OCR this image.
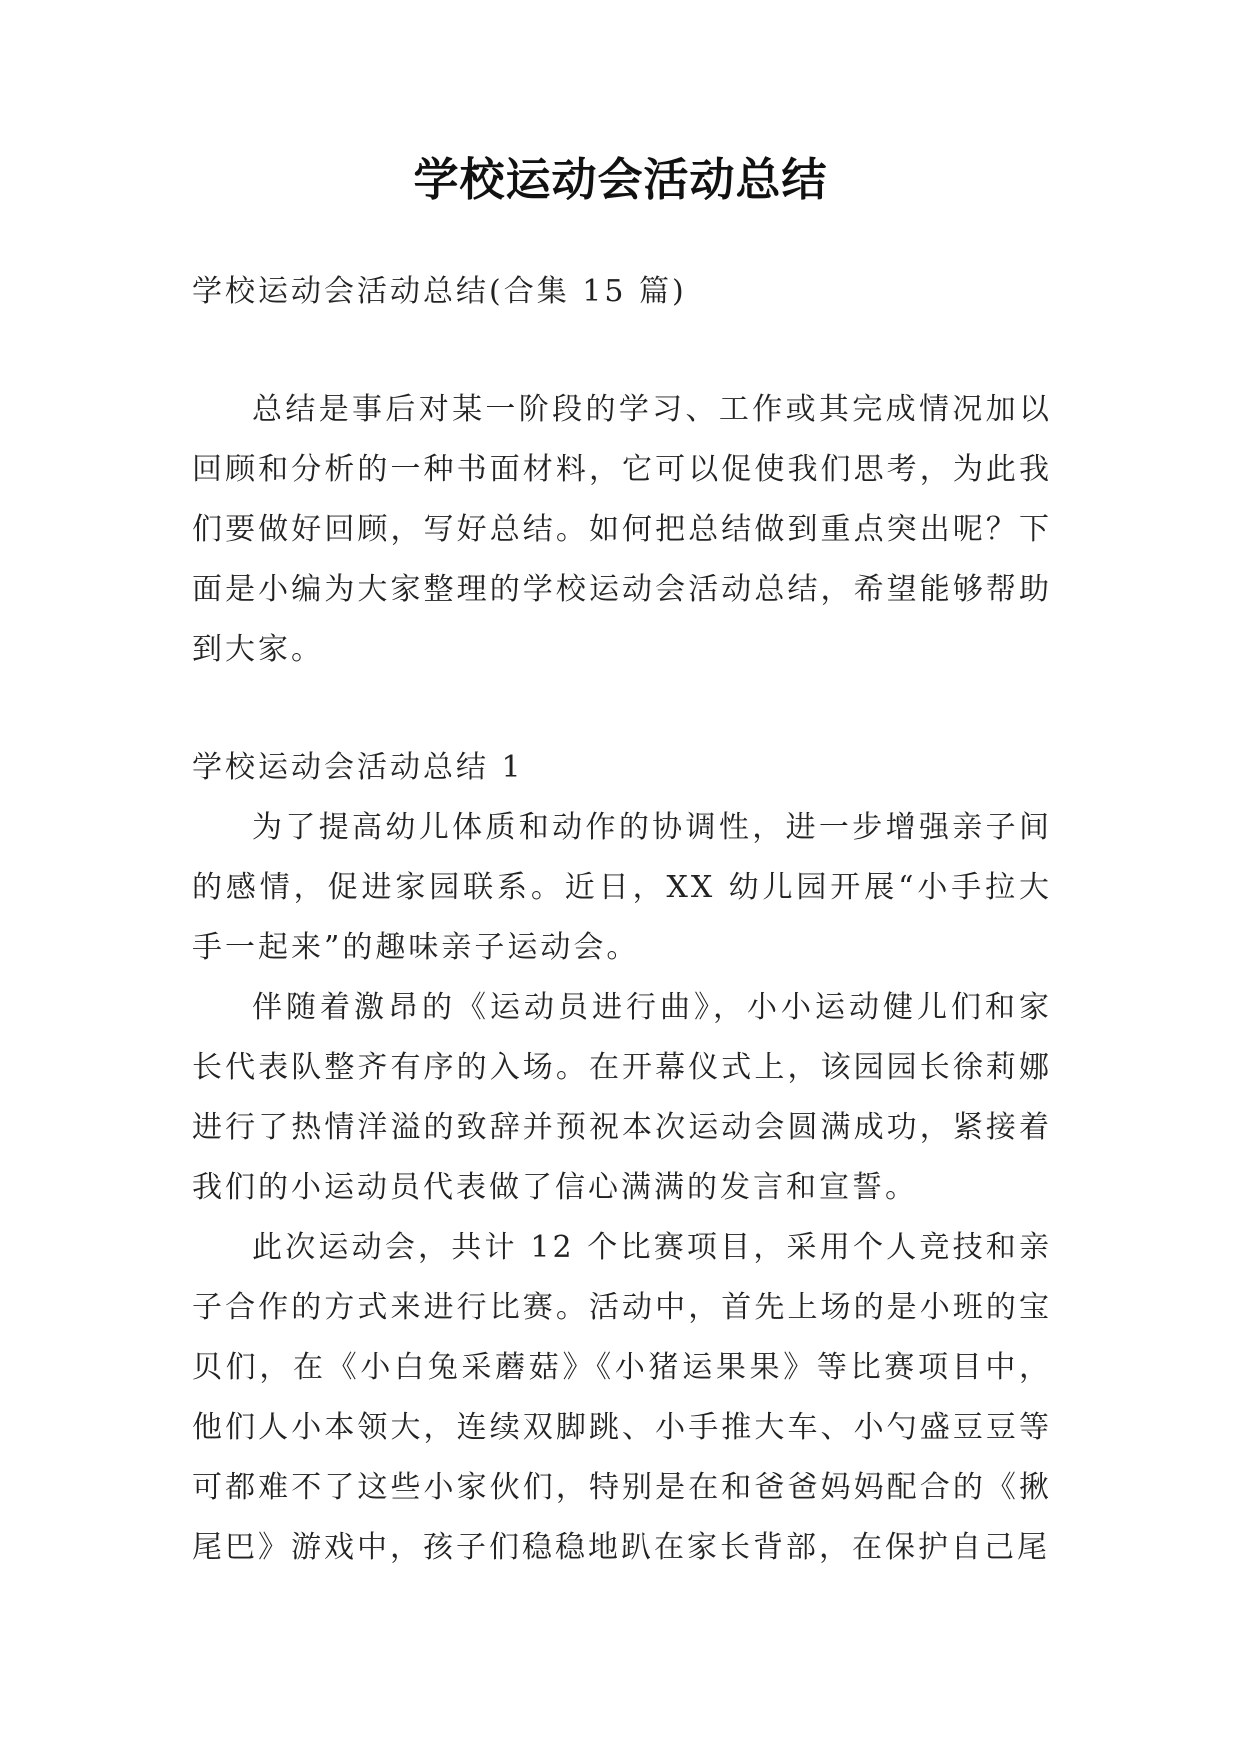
学校运动会活动总结

学校运动会活动总结(合集 15 篇)

总结是事后对某一阶段的学习、工作或其完成情况加以回顾和分析的一种书面材料，它可以促使我们思考，为此我们要做好回顾，写好总结。如何把总结做到重点突出呢？下面是小编为大家整理的学校运动会活动总结，希望能够帮助到大家。

学校运动会活动总结 1

为了提高幼儿体质和动作的协调性，进一步增强亲子间的感情，促进家园联系。近日，XX 幼儿园开展“小手拉大手一起来”的趣味亲子运动会。

伴随着激昂的《运动员进行曲》，小小运动健儿们和家长代表队整齐有序的入场。在开幕仪式上，该园园长徐莉娜进行了热情洋溢的致辞并预祝本次运动会圆满成功，紧接着我们的小运动员代表做了信心满满的发言和宣誓。

此次运动会，共计 12 个比赛项目，采用个人竞技和亲子合作的方式来进行比赛。活动中，首先上场的是小班的宝贝们，在《小白兔采蘑菇》《小猪运果果》等比赛项目中，他们人小本领大，连续双脚跳、小手推大车、小勺盛豆豆等可都难不了这些小家伙们，特别是在和爸爸妈妈配合的《揪尾巴》游戏中，孩子们稳稳地趴在家长背部，在保护自己尾
